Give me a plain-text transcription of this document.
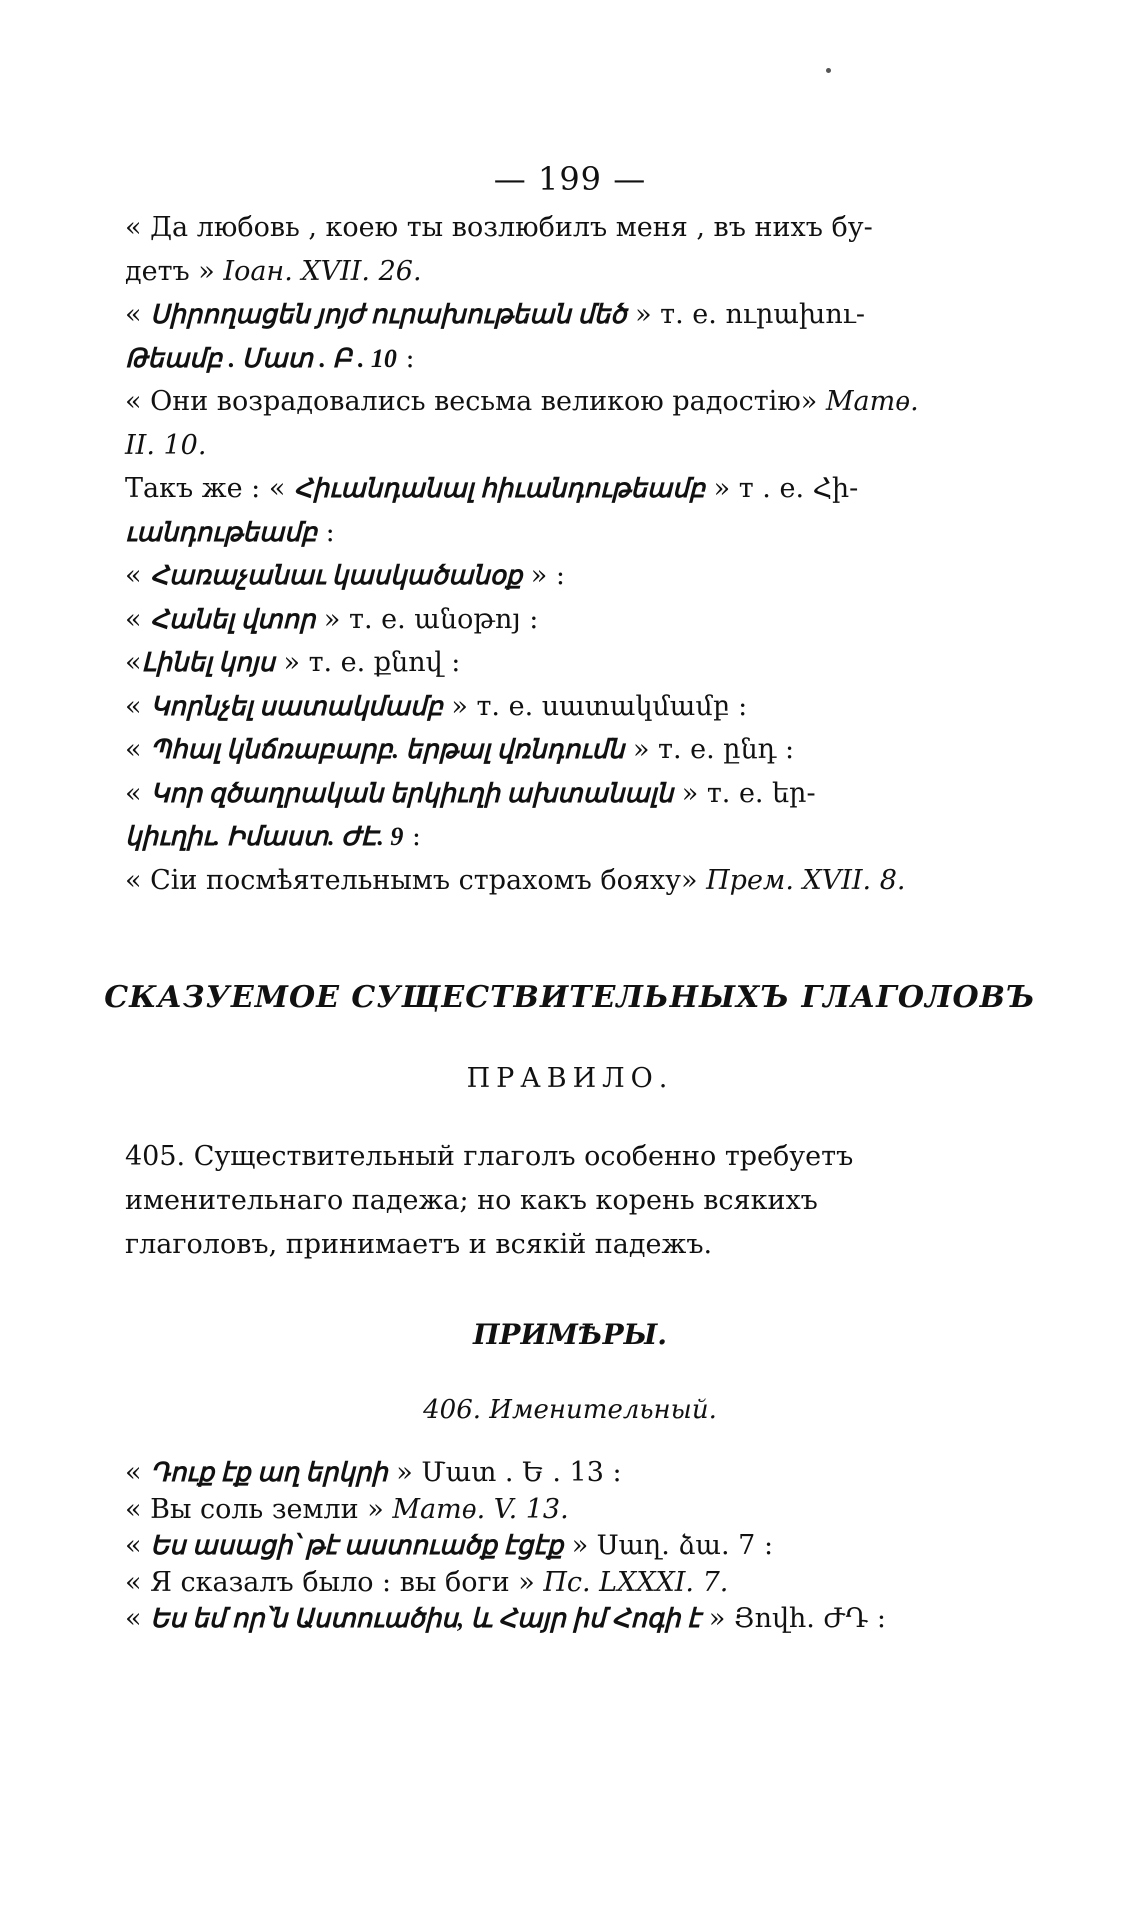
— 199 —
« Да любовь , коею ты возлюбилъ меня , въ нихъ бу-
детъ » Іоан. XVII. 26.
« Սիրողացեն յոյժ ուրախութեան մեծ » т. е. ուրախու-
Թեամբ . Մատ . Բ . 10 :
« Они возрадовались весьма великою радостію» Матѳ.
II. 10.
Такъ же : « Հիւանդանալ հիւանդութեամբ » т . е. Հի-
ւանդութեամբ :
« Հառաչանաւ կասկածանօք » :
« Հանել վտոր » т. е. անօթոյ :
«Լինել կոյս » т. е. քնով :
« Կորնչել սատակմամբ » т. е. սատակմամբ :
« Պհալ կնճռաբարբ. երթալ վռնդումն » т. е. ընդ :
« Կոր զծաղրական երկիւղի ախտանալն » т. е. եր-
կիւղիւ. Իմաստ. ԺԷ. 9 :
« Сіи посмѣятельнымъ страхомъ бояху» Прем. XVII. 8.
СКАЗУЕМОЕ СУЩЕСТВИТЕЛЬНЫХЪ ГЛАГОЛОВЪ
ПРАВИЛО.
405. Существительный глаголъ особенно требуетъ именительнаго падежа; но какъ корень всякихъ глаголовъ, принимаетъ и всякій падежъ.
ПРИМѢРЫ.
406. Именительный.
« Դուք էք աղ երկրի » Մատ . Ե . 13 :
« Вы соль земли » Матѳ. V. 13.
« Ես ասացի՝ թէ աստուածք էցէք » Սաղ. ձա. 7 :
« Я сказалъ было : вы боги » Пс. LXXXI. 7.
« Ես եմ որ՝ն Աստուածիս, և Հայր իմ Հոգի է » Յովհ. ԺԴ :
